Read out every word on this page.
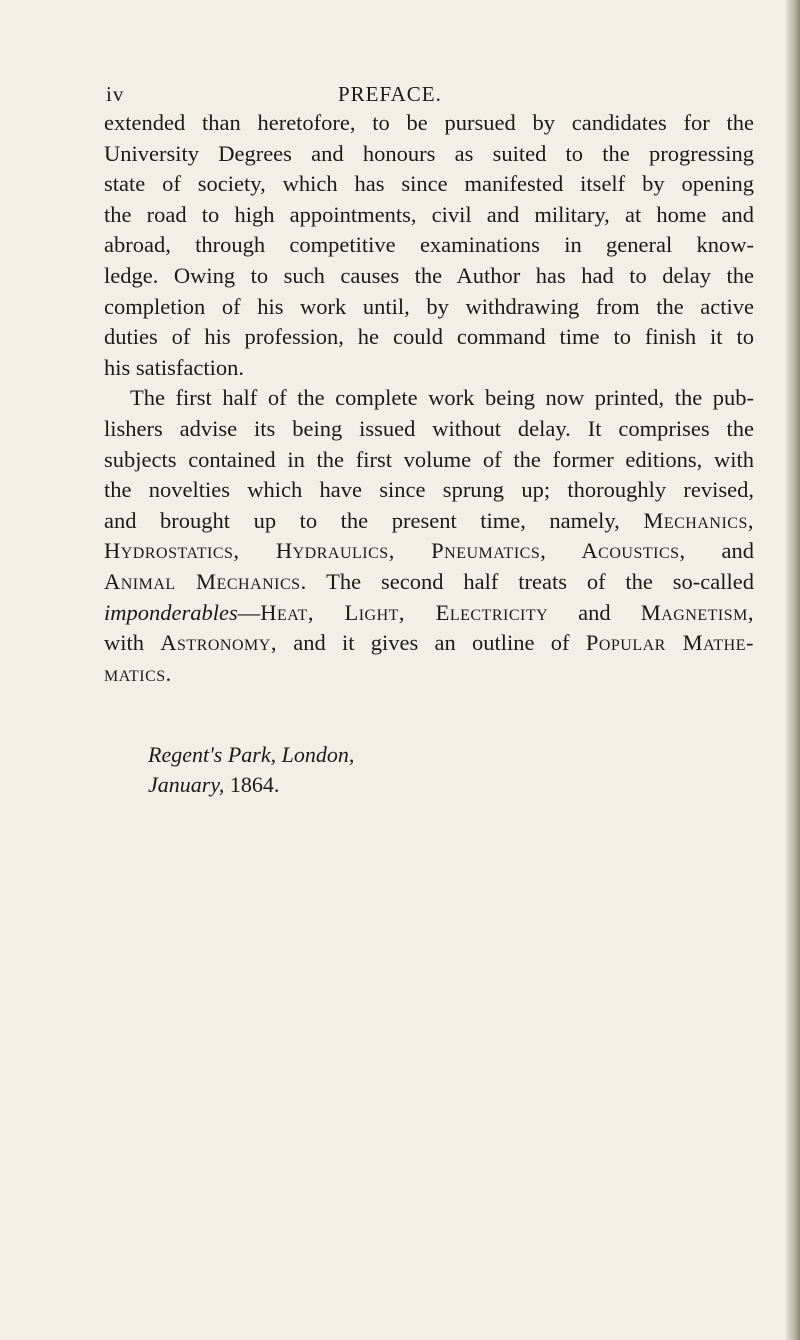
iv	PREFACE.
extended than heretofore, to be pursued by candidates for the
University Degrees and honours as suited to the progressing
state of society, which has since manifested itself by opening
the road to high appointments, civil and military, at home and
abroad, through competitive examinations in general know-
ledge. Owing to such causes the Author has had to delay the
completion of his work until, by withdrawing from the active
duties of his profession, he could command time to finish it to
his satisfaction.
The first half of the complete work being now printed, the pub-
lishers advise its being issued without delay. It comprises the
subjects contained in the first volume of the former editions, with
the novelties which have since sprung up; thoroughly revised,
and brought up to the present time, namely, Mechanics,
Hydrostatics, Hydraulics, Pneumatics, Acoustics, and
Animal Mechanics. The second half treats of the so-called
imponderables—Heat, Light, Electricity and Magnetism,
with Astronomy, and it gives an outline of Popular Mathe-
matics.
Regent's Park, London,
January, 1864.
